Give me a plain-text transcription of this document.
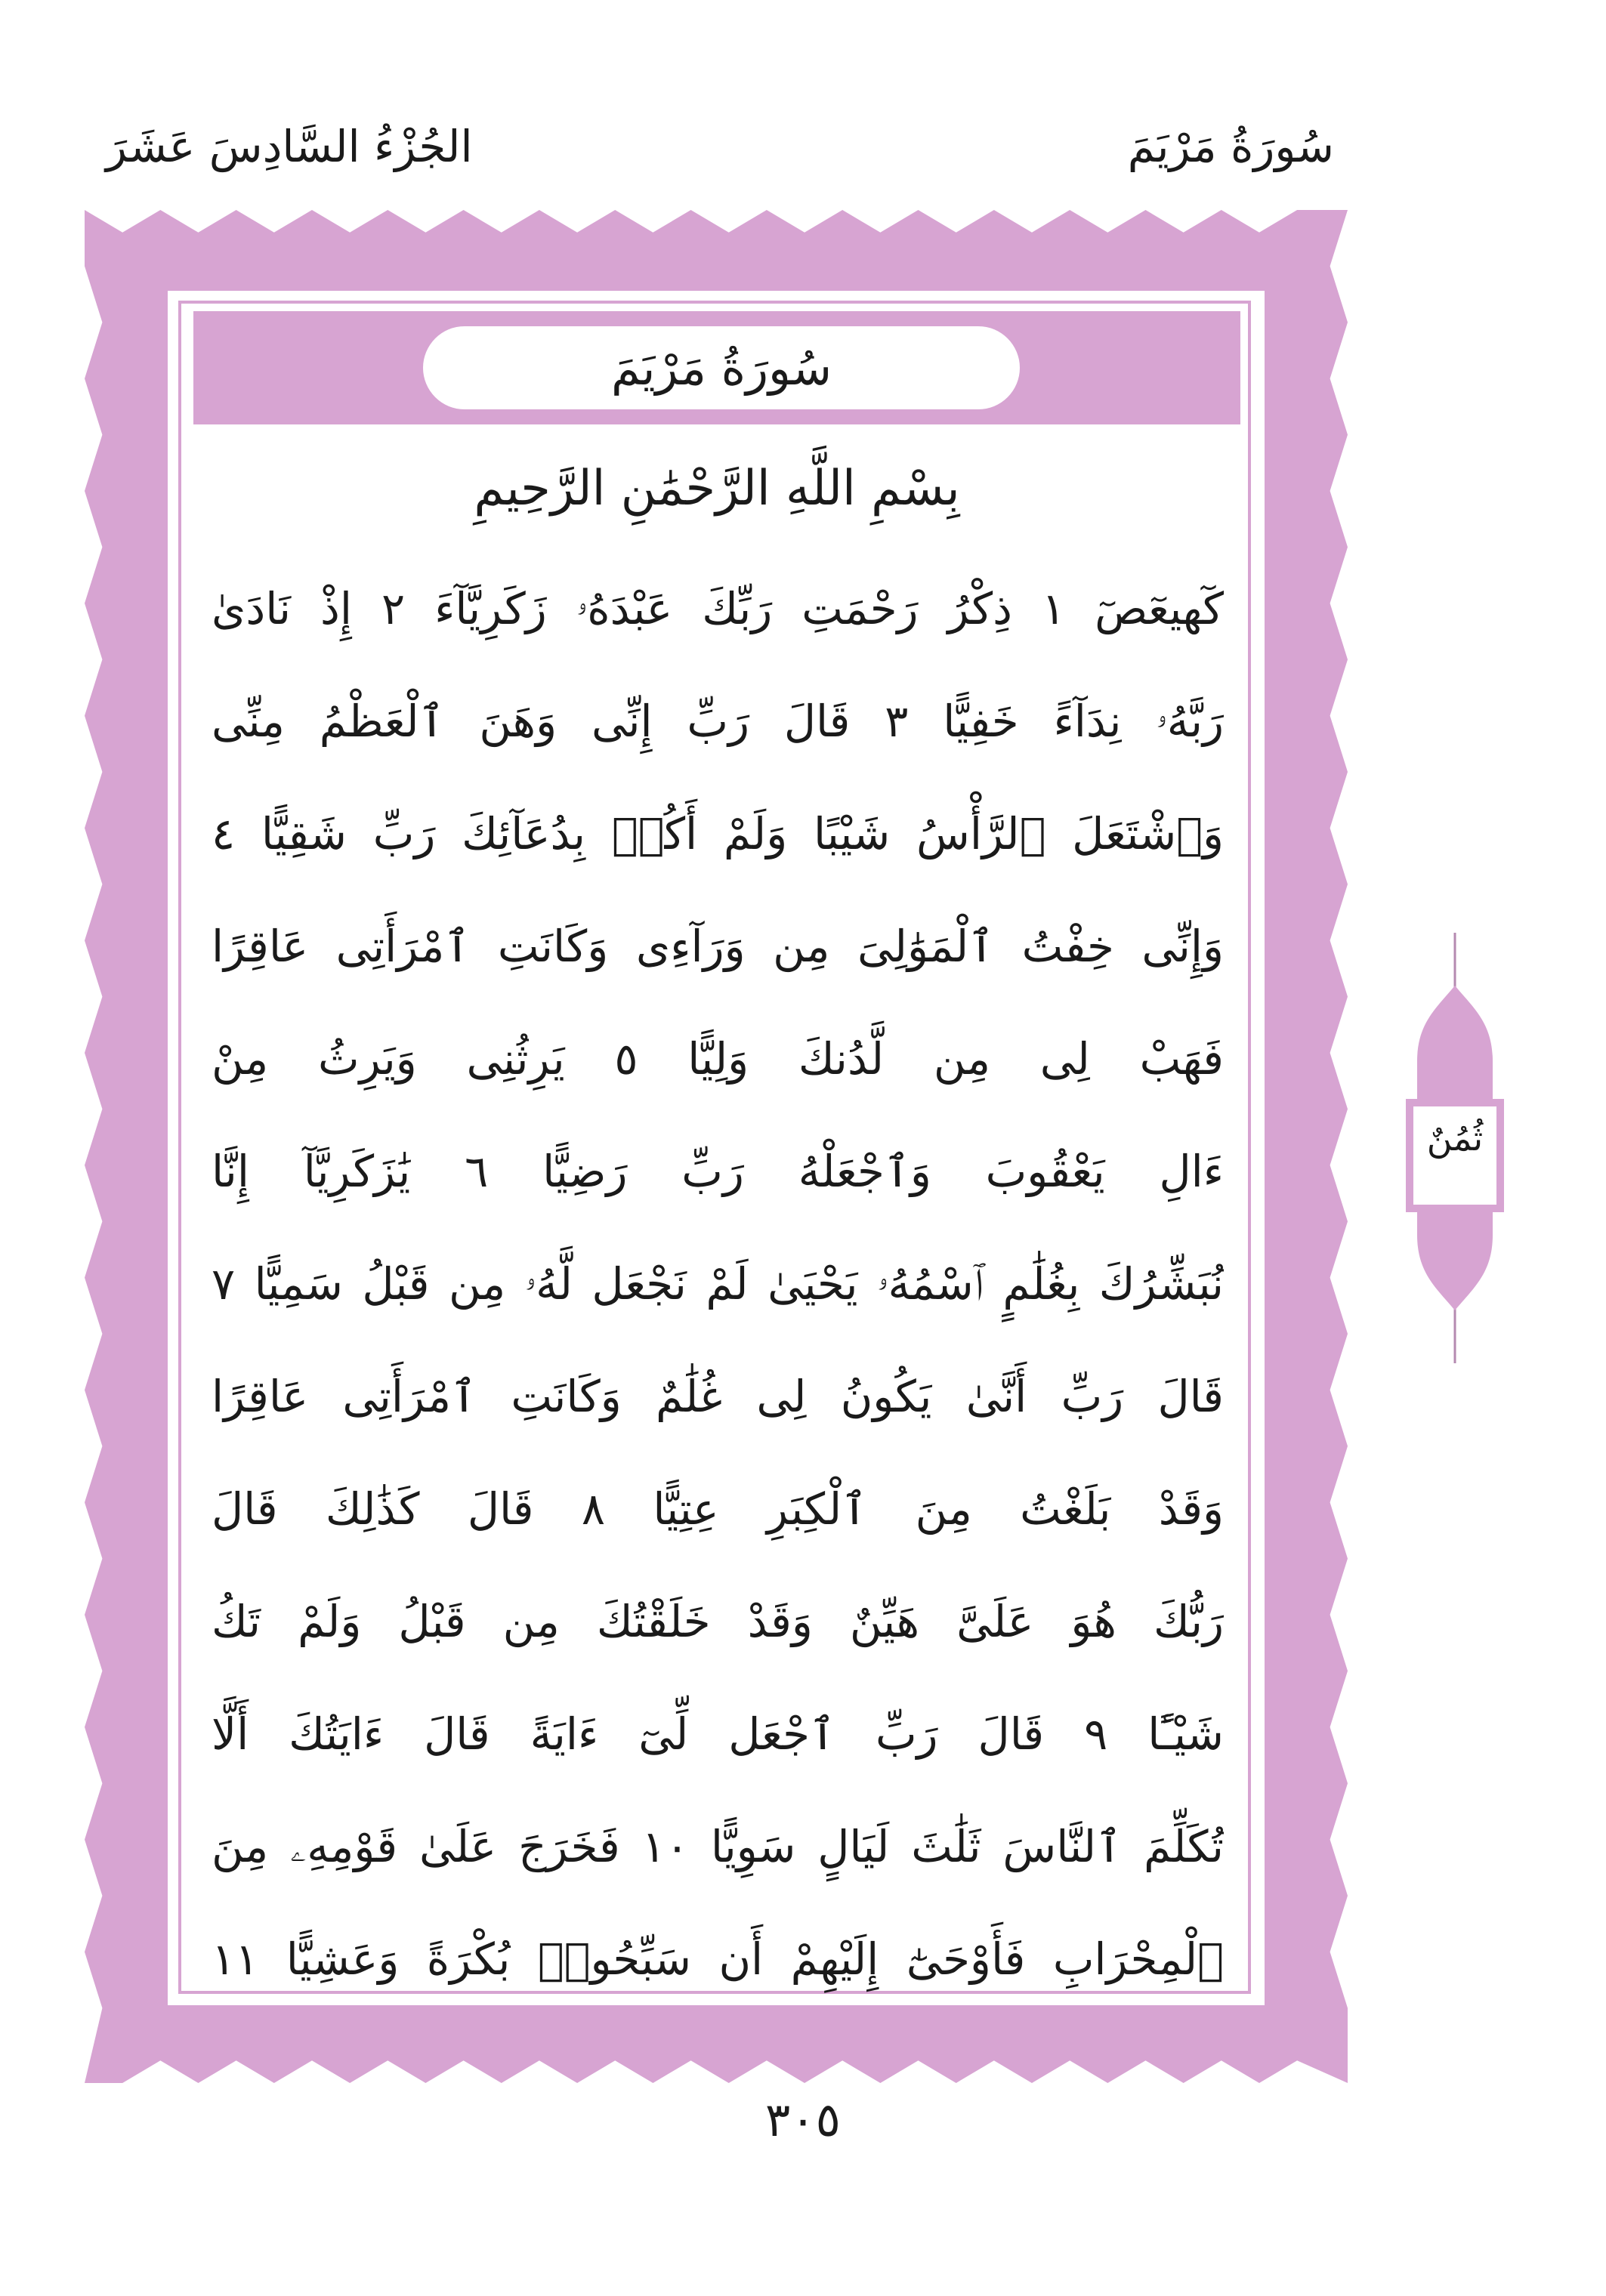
سُورَةُ مَرْيَمَ
الجُزْءُ السَّادِسَ عَشَرَ
سُورَةُ مَرْيَمَ
بِسْمِ اللَّهِ الرَّحْمَٰنِ الرَّحِيمِ
كٓهيعٓصٓ ١ ذِكْرُ رَحْمَتِ رَبِّكَ عَبْدَهُۥ زَكَرِيَّآءَ ٢ إِذْ نَادَىٰ
رَبَّهُۥ نِدَآءً خَفِيًّا ٣ قَالَ رَبِّ إِنِّى وَهَنَ ٱلْعَظْمُ مِنِّى
وَٱشْتَعَلَ ٱلرَّأْسُ شَيْبًا وَلَمْ أَكُنۢ بِدُعَآئِكَ رَبِّ شَقِيًّا ٤
وَإِنِّى خِفْتُ ٱلْمَوَٰلِىَ مِن وَرَآءِى وَكَانَتِ ٱمْرَأَتِى عَاقِرًا
فَهَبْ لِى مِن لَّدُنكَ وَلِيًّا ٥ يَرِثُنِى وَيَرِثُ مِنْ
ءَالِ يَعْقُوبَ وَٱجْعَلْهُ رَبِّ رَضِيًّا ٦ يَٰزَكَرِيَّآ إِنَّا
نُبَشِّرُكَ بِغُلَٰمٍ ٱسْمُهُۥ يَحْيَىٰ لَمْ نَجْعَل لَّهُۥ مِن قَبْلُ سَمِيًّا ٧
قَالَ رَبِّ أَنَّىٰ يَكُونُ لِى غُلَٰمٌ وَكَانَتِ ٱمْرَأَتِى عَاقِرًا
وَقَدْ بَلَغْتُ مِنَ ٱلْكِبَرِ عِتِيًّا ٨ قَالَ كَذَٰلِكَ قَالَ
رَبُّكَ هُوَ عَلَىَّ هَيِّنٌ وَقَدْ خَلَقْتُكَ مِن قَبْلُ وَلَمْ تَكُ
شَيْـًٔا ٩ قَالَ رَبِّ ٱجْعَل لِّىٓ ءَايَةً قَالَ ءَايَتُكَ أَلَّا
تُكَلِّمَ ٱلنَّاسَ ثَلَٰثَ لَيَالٍ سَوِيًّا ١٠ فَخَرَجَ عَلَىٰ قَوْمِهِۦ مِنَ
ٱلْمِحْرَابِ فَأَوْحَىٰٓ إِلَيْهِمْ أَن سَبِّحُوا۟ بُكْرَةً وَعَشِيًّا ١١
ثُمُنٌ
٣٠٥
